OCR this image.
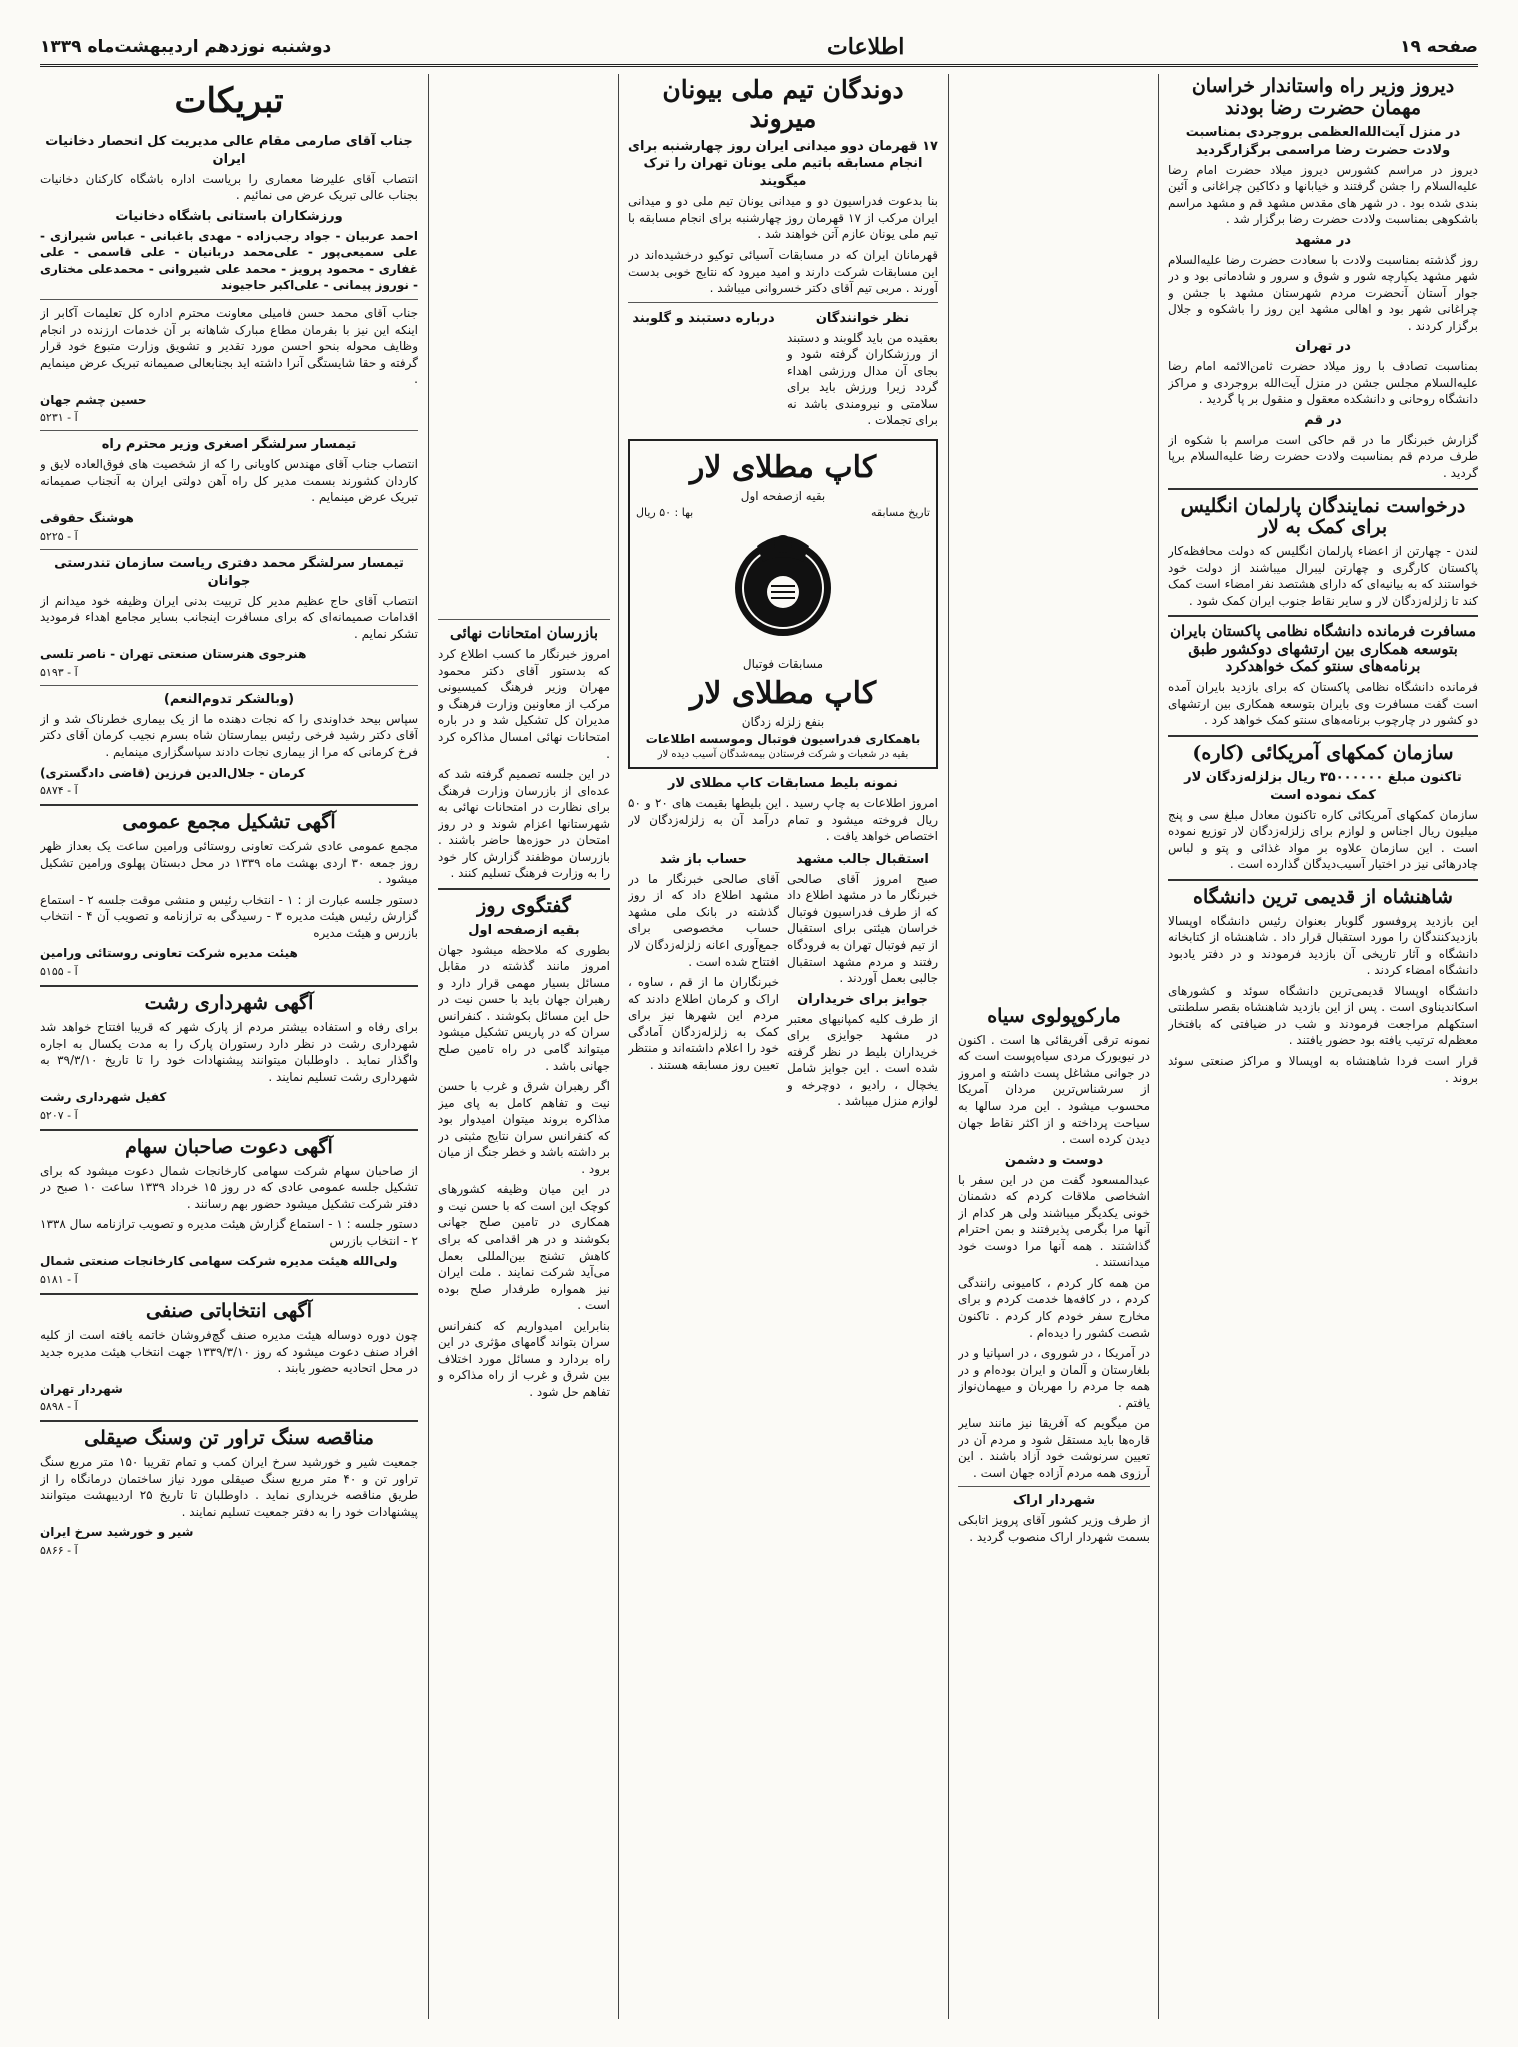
صفحه ۱۹
اطلاعات
دوشنبه نوزدهم اردیبهشت‌ماه ۱۳۳۹
دیروز وزیر راه واستاندار خراسان مهمان حضرت رضا بودند
در منزل آیت‌الله‌العظمی بروجردی بمناسبت ولادت حضرت رضا مراسمی برگزارگردید

دیروز در مراسم کشورس دیروز میلاد حضرت امام رضا علیه‌السلام را جشن گرفتند و خیابانها و دکاکین چراغانی و آئین بندی شده بود . در شهر های مقدس مشهد قم و مشهد مراسم باشکوهی بمناسبت ولادت حضرت رضا برگزار شد .

در مشهد

روز گذشته بمناسبت ولادت با سعادت حضرت رضا علیه‌السلام شهر مشهد یکپارچه شور و شوق و سرور و شادمانی بود و در جوار آستان آنحضرت مردم شهرستان مشهد با جشن و چراغانی شهر بود و اهالی مشهد این روز را باشکوه و جلال برگزار کردند .

در تهران

بمناسبت تصادف با روز میلاد حضرت ثامن‌الائمه امام رضا علیه‌السلام مجلس جشن در منزل آیت‌الله بروجردی و مراکز دانشگاه روحانی و دانشکده معقول و منقول بر پا گردید .

در قم

گزارش خبرنگار ما در قم حاکی است مراسم با شکوه از طرف مردم قم بمناسبت ولادت حضرت رضا علیه‌السلام برپا گردید .

درخواست نمایندگان پارلمان انگلیس برای کمک به لار

لندن - چهارتن از اعضاء پارلمان انگلیس که دولت محافظه‌کار پاکستان کارگری و چهارتن لیبرال میباشند از دولت خود خواستند که به بیانیه‌ای که دارای هشتصد نفر امضاء است کمک کند تا زلزله‌زدگان لار و سایر نقاط جنوب ایران کمک شود .

مسافرت فرمانده دانشگاه نظامی پاکستان بایران بتوسعه همکاری بین ارتشهای دوکشور طبق برنامه‌های سنتو کمک خواهدکرد

فرمانده دانشگاه نظامی پاکستان که برای بازدید بایران آمده است گفت مسافرت وی بایران بتوسعه همکاری بین ارتشهای دو کشور در چارچوب برنامه‌های سنتو کمک خواهد کرد .

سازمان کمکهای آمریکائی (کاره)
تاکنون مبلغ ۳۵۰۰۰۰۰۰ ریال بزلزله‌زدگان لار کمک نموده است

سازمان کمکهای آمریکائی کاره تاکنون معادل مبلغ سی و پنج میلیون ریال اجناس و لوازم برای زلزله‌زدگان لار توزیع نموده است . این سازمان علاوه بر مواد غذائی و پتو و لباس چادرهائی نیز در اختیار آسیب‌دیدگان گذارده است .

شاهنشاه از قدیمی ترین دانشگاه

این بازدید پروفسور گلوبار بعنوان رئیس دانشگاه اوپسالا بازدیدکنندگان را مورد استقبال قرار داد . شاهنشاه از کتابخانه دانشگاه و آثار تاریخی آن بازدید فرمودند و در دفتر یادبود دانشگاه امضاء کردند .

دانشگاه اوپسالا قدیمی‌ترین دانشگاه سوئد و کشورهای اسکاندیناوی است . پس از این بازدید شاهنشاه بقصر سلطنتی استکهلم مراجعت فرمودند و شب در ضیافتی که بافتخار معظم‌له ترتیب یافته بود حضور یافتند .

قرار است فردا شاهنشاه به اوپسالا و مراکز صنعتی سوئد بروند .

مارکوپولوی سیاه

نمونه ترقی آفریقائی ها است . اکنون در نیویورک مردی سیاه‌پوست است که در جوانی مشاغل پست داشته و امروز از سرشناس‌ترین مردان آمریکا محسوب میشود . این مرد سالها به سیاحت پرداخته و از اکثر نقاط جهان دیدن کرده است .

دوست و دشمن

عبدالمسعود گفت من در این سفر با اشخاصی ملاقات کردم که دشمنان خونی یکدیگر میباشند ولی هر کدام از آنها مرا بگرمی پذیرفتند و بمن احترام گذاشتند . همه آنها مرا دوست خود میدانستند .

من همه کار کردم ، کامیونی رانندگی کردم ، در کافه‌ها خدمت کردم و برای مخارج سفر خودم کار کردم . تاکنون شصت کشور را دیده‌ام .

در آمریکا ، در شوروی ، در اسپانیا و در بلغارستان و آلمان و ایران بوده‌ام و در همه جا مردم را مهربان و میهمان‌نواز یافتم .

من میگویم که آفریقا نیز مانند سایر قاره‌ها باید مستقل شود و مردم آن در تعیین سرنوشت خود آزاد باشند . این آرزوی همه مردم آزاده جهان است .

شهردار اراک

از طرف وزیر کشور آقای پرویز اتابکی بسمت شهردار اراک منصوب گردید .

دوندگان تیم ملی بیونان میروند
۱۷ قهرمان دوو میدانی ایران روز چهارشنبه برای انجام مسابقه باتیم ملی یونان تهران را ترک میگویند

بنا بدعوت فدراسیون دو و میدانی یونان تیم ملی دو و میدانی ایران مرکب از ۱۷ قهرمان روز چهارشنبه برای انجام مسابقه با تیم ملی یونان عازم آتن خواهند شد .

قهرمانان ایران که در مسابقات آسیائی توکیو درخشیده‌اند در این مسابقات شرکت دارند و امید میرود که نتایج خوبی بدست آورند . مربی تیم آقای دکتر خسروانی میباشد .

نظر خوانندگان

بعقیده من باید گلوبند و دستبند از ورزشکاران گرفته شود و بجای آن مدال ورزشی اهداء گردد زیرا ورزش باید برای سلامتی و نیرومندی باشد نه برای تجملات .

درباره دستبند و گلوبند
کاپ مطلای لار
بقیه ازصفحه اول
تاریخ مسابقه
بها : ۵۰ ریال
مسابقات فوتبال
کاپ مطلای لار
بنفع زلزله زدگان
باهمکاری فدراسیون فوتبال وموسسه اطلاعات
بقیه در شعبات و شرکت فرستادن بیمه‌شدگان آسیب دیده لار
نمونه بلیط مسابقات کاپ مطلای لار

امروز اطلاعات به چاپ رسید . این بلیطها بقیمت های ۲۰ و ۵۰ ریال فروخته میشود و تمام درآمد آن به زلزله‌زدگان لار اختصاص خواهد یافت .

استقبال جالب مشهد

صبح امروز آقای صالحی خبرنگار ما در مشهد اطلاع داد که از طرف فدراسیون فوتبال خراسان هیئتی برای استقبال از تیم فوتبال تهران به فرودگاه رفتند و مردم مشهد استقبال جالبی بعمل آوردند .

جوایز برای خریداران

از طرف کلیه کمپانیهای معتبر در مشهد جوایزی برای خریداران بلیط در نظر گرفته شده است . این جوایز شامل یخچال ، رادیو ، دوچرخه و لوازم منزل میباشد .

حساب باز شد

آقای صالحی خبرنگار ما در مشهد اطلاع داد که از روز گذشته در بانک ملی مشهد حساب مخصوصی برای جمع‌آوری اعانه زلزله‌زدگان لار افتتاح شده است .

خبرنگاران ما از قم ، ساوه ، اراک و کرمان اطلاع دادند که مردم این شهرها نیز برای کمک به زلزله‌زدگان آمادگی خود را اعلام داشته‌اند و منتظر تعیین روز مسابقه هستند .

بازرسان امتحانات نهائی

امروز خبرنگار ما کسب اطلاع کرد که بدستور آقای دکتر محمود مهران وزیر فرهنگ کمیسیونی مرکب از معاونین وزارت فرهنگ و مدیران کل تشکیل شد و در باره امتحانات نهائی امسال مذاکره کرد .

در این جلسه تصمیم گرفته شد که عده‌ای از بازرسان وزارت فرهنگ برای نظارت در امتحانات نهائی به شهرستانها اعزام شوند و در روز امتحان در حوزه‌ها حاضر باشند . بازرسان موظفند گزارش کار خود را به وزارت فرهنگ تسلیم کنند .

گفتگوی روز
بقیه ازصفحه اول

بطوری که ملاحظه میشود جهان امروز مانند گذشته در مقابل مسائل بسیار مهمی قرار دارد و رهبران جهان باید با حسن نیت در حل این مسائل بکوشند . کنفرانس سران که در پاریس تشکیل میشود میتواند گامی در راه تامین صلح جهانی باشد .

اگر رهبران شرق و غرب با حسن نیت و تفاهم کامل به پای میز مذاکره بروند میتوان امیدوار بود که کنفرانس سران نتایج مثبتی در بر داشته باشد و خطر جنگ از میان برود .

در این میان وظیفه کشورهای کوچک این است که با حسن نیت و همکاری در تامین صلح جهانی بکوشند و در هر اقدامی که برای کاهش تشنج بین‌المللی بعمل می‌آید شرکت نمایند . ملت ایران نیز همواره طرفدار صلح بوده است .

بنابراین امیدواریم که کنفرانس سران بتواند گامهای مؤثری در این راه بردارد و مسائل مورد اختلاف بین شرق و غرب از راه مذاکره و تفاهم حل شود .

تبریکات
جناب آقای صارمی مقام عالی مدیریت کل انحصار دخانیات ایران

انتصاب آقای علیرضا معماری را بریاست اداره باشگاه کارکنان دخانیات بجناب عالی تبریک عرض می نمائیم .

ورزشکاران باستانی باشگاه دخانیات

احمد عربیان - جواد رجب‌زاده - مهدی باغبانی - عباس شیرازی - علی سمیعی‌پور - علی‌محمد دربانیان - علی قاسمی - علی غفاری - محمود پرویز - محمد علی شیروانی - محمدعلی مختاری - نوروز پیمانی - علی‌اکبر حاجیوند

جناب آقای محمد حسن فامیلی معاونت محترم اداره کل تعلیمات آکابر از اینکه این نیز با بفرمان مطاع مبارک شاهانه بر آن خدمات ارزنده در انجام وظایف محوله بنحو احسن مورد تقدیر و تشویق وزارت متبوع خود قرار گرفته و حقا شایستگی آنرا داشته اید بجنابعالی صمیمانه تبریک عرض مینمایم .

حسین چشم جهان
آ - ۵۲۳۱
تیمسار سرلشگر اصغری وزیر محترم راه

انتصاب جناب آقای مهندس کاویانی را که از شخصیت های فوق‌العاده لایق و کاردان کشورند بسمت مدیر کل راه آهن دولتی ایران به آنجناب صمیمانه تبریک عرض مینمایم .

هوشنگ حقوقی
آ - ۵۲۲۵
تیمسار سرلشگر محمد دفتری ریاست سازمان تندرستی جوانان

انتصاب آقای حاج عظیم مدیر کل تربیت بدنی ایران وظیفه خود میدانم از اقدامات صمیمانه‌ای که برای مسافرت اینجانب بسایر مجامع اهداء فرمودید تشکر نمایم .

هنرجوی هنرستان صنعتی تهران - ناصر تلسی
آ - ۵۱۹۳
(وبالشکر تدوم‌النعم)

سپاس بیحد خداوندی را که نجات دهنده ما از یک بیماری خطرناک شد و از آقای دکتر رشید فرخی رئیس بیمارستان شاه بسرم نجیب کرمان آقای دکتر فرخ کرمانی که مرا از بیماری نجات دادند سپاسگزاری مینمایم .

کرمان - جلال‌الدین فرزین (قاضی دادگستری)
آ - ۵۸۷۴
آگهی تشکیل مجمع عمومی

مجمع عمومی عادی شرکت تعاونی روستائی ورامین ساعت یک بعداز ظهر روز جمعه ۳۰ اردی بهشت ماه ۱۳۳۹ در محل دبستان پهلوی ورامین تشکیل میشود .

دستور جلسه عبارت از : ۱ - انتخاب رئیس و منشی موقت جلسه ۲ - استماع گزارش رئیس هیئت مدیره ۳ - رسیدگی به ترازنامه و تصویب آن ۴ - انتخاب بازرس و هیئت مدیره

هیئت مدیره شرکت تعاونی روستائی ورامین
آ - ۵۱۵۵
آگهی شهرداری رشت

برای رفاه و استفاده بیشتر مردم از پارک شهر که قریبا افتتاح خواهد شد شهرداری رشت در نظر دارد رستوران پارک را به مدت یکسال به اجاره واگذار نماید . داوطلبان میتوانند پیشنهادات خود را تا تاریخ ۳۹/۳/۱۰ به شهرداری رشت تسلیم نمایند .

کفیل شهرداری رشت
آ - ۵۲۰۷
آگهی دعوت صاحبان سهام

از صاحبان سهام شرکت سهامی کارخانجات شمال دعوت میشود که برای تشکیل جلسه عمومی عادی که در روز ۱۵ خرداد ۱۳۳۹ ساعت ۱۰ صبح در دفتر شرکت تشکیل میشود حضور بهم رسانند .

دستور جلسه : ۱ - استماع گزارش هیئت مدیره و تصویب ترازنامه سال ۱۳۳۸ ۲ - انتخاب بازرس

ولی‌الله هیئت مدیره شرکت سهامی کارخانجات صنعتی شمال
آ - ۵۱۸۱
آگهی انتخاباتی صنفی

چون دوره دوساله هیئت مدیره صنف گچ‌فروشان خاتمه یافته است از کلیه افراد صنف دعوت میشود که روز ۱۳۳۹/۳/۱۰ جهت انتخاب هیئت مدیره جدید در محل اتحادیه حضور یابند .

شهردار تهران
آ - ۵۸۹۸
مناقصه سنگ تراور تن وسنگ صیقلی

جمعیت شیر و خورشید سرخ ایران کمب و تمام تقریبا ۱۵۰ متر مربع سنگ تراور تن و ۴۰ متر مربع سنگ صیقلی مورد نیاز ساختمان درمانگاه را از طریق مناقصه خریداری نماید . داوطلبان تا تاریخ ۲۵ اردیبهشت میتوانند پیشنهادات خود را به دفتر جمعیت تسلیم نمایند .

شیر و خورشید سرخ ایران
آ - ۵۸۶۶
